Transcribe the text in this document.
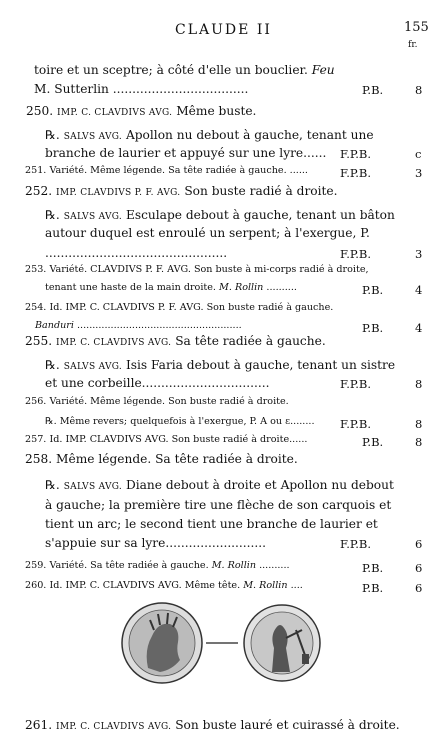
CLAUDE II	155
fr.
toire et un sceptre; à côté d'elle un bouclier. Feu
M. Sutterlin ...................................	P.B.	8
250. IMP. C. CLAVDIVS AVG. Même buste.
℞. SALVS AVG. Apollon nu debout à gauche, tenant une
branche de laurier et appuyé sur une lyre...... F.P.B.	c
251. Variété. Même légende. Sa tête radiée à gauche. ......	F.P.B.	3
252. IMP. CLAVDIVS P. F. AVG. Son buste radié à droite.
℞. SALVS AVG. Esculape debout à gauche, tenant un bâton
autour duquel est enroulé un serpent; à l'exergue, P.
...............................................	F.P.B.	3
253. Variété. CLAVDIVS P. F. AVG. Son buste à mi-corps radié à droite,
tenant une haste de la main droite. M. Rollin ..........	P.B.	4
254. Id. IMP. C. CLAVDIVS P. F. AVG. Son buste radié à gauche.
Banduri ......................................................	P.B.	4
255. IMP. C. CLAVDIVS AVG. Sa tête radiée à gauche.
℞. SALVS AVG. Isis Faria debout à gauche, tenant un sistre
et une corbeille.................................	F.P.B.	8
256. Variété. Même légende. Son buste radié à droite.
℞. Même revers; quelquefois à l'exergue, P. A ou ε........ F.P.B.	8
257. Id. IMP. CLAVDIVS AVG. Son buste radié à droite......	P.B.	8
258. Même légende. Sa tête radiée à droite.
℞. SALVS AVG. Diane debout à droite et Apollon nu debout
à gauche; la première tire une flèche de son carquois et
tient un arc; le second tient une branche de laurier et
s'appuie sur sa lyre..........................	F.P.B.	6
259. Variété. Sa tête radiée à gauche. M. Rollin ..........	P.B.	6
260. Id. IMP. C. CLAVDIVS AVG. Même tête. M. Rollin ....	P.B.	6
261. IMP. C. CLAVDIVS AVG. Son buste lauré et cuirassé à droite.
